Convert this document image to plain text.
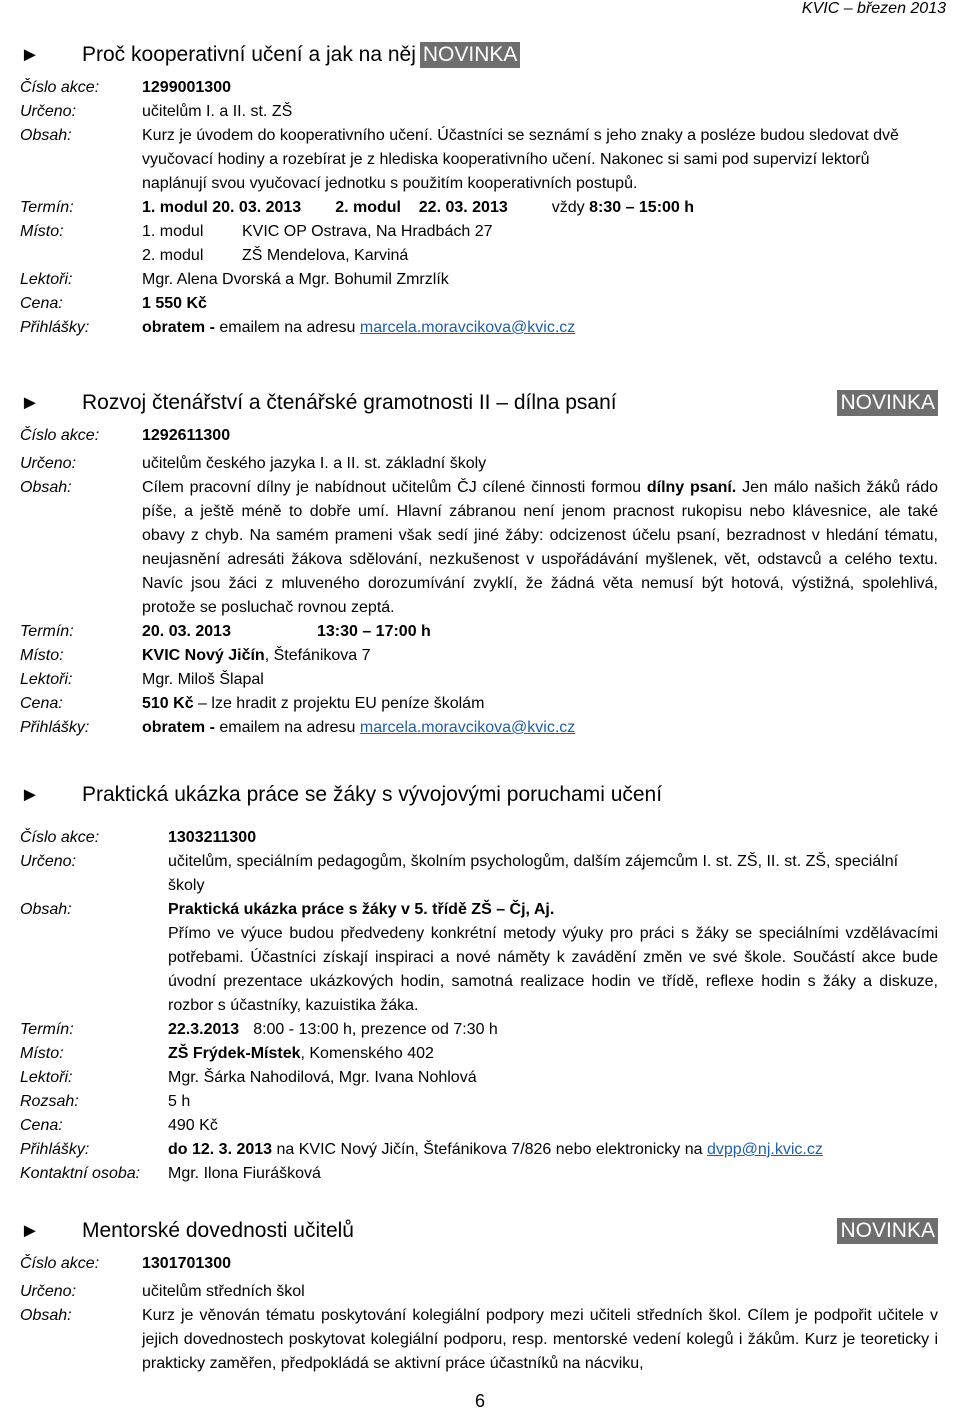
KVIC – březen 2013
►	Proč kooperativní učení a jak na něj NOVINKA
Číslo akce:	1299001300
Určeno:	učitelům I. a II. st. ZŠ
Obsah:	Kurz je úvodem do kooperativního učení. Účastníci se seznámí s jeho znaky a posléze budou sledovat dvě vyučovací hodiny a rozebírat je z hlediska kooperativního učení. Nakonec si sami pod supervizí lektorů naplánují svou vyučovací jednotku s použitím kooperativních postupů.
Termín:	1. modul 20. 03. 2013 2. modul    22. 03. 2013	vždy 8:30 – 15:00 h
Místo:	1. modul KVIC OP Ostrava, Na Hradbách 27
2. modul ZŠ Mendelova, Karviná
Lektoři:	Mgr. Alena Dvorská a Mgr. Bohumil Zmrzlík
Cena:	1 550 Kč
Přihlášky:	obratem - emailem na adresu marcela.moravcikova@kvic.cz
►	Rozvoj čtenářství a čtenářské gramotnosti II – dílna psaní	NOVINKA
Číslo akce:	1292611300
Určeno:	učitelům českého jazyka I. a II. st. základní školy
Obsah:	Cílem pracovní dílny je nabídnout učitelům ČJ cílené činnosti formou dílny psaní. Jen málo našich žáků rádo píše, a ještě méně to dobře umí. Hlavní zábranou není jenom pracnost rukopisu nebo klávesnice, ale také obavy z chyb. Na samém prameni však sedí jiné žáby: odcizenost účelu psaní, bezradnost v hledání tématu, neujasnění adresáti žákova sdělování, nezkušenost v uspořádávání myšlenek, vět, odstavců a celého textu. Navíc jsou žáci z mluveného dorozumívání zvyklí, že žádná věta nemusí být hotová, výstižná, spolehlivá, protože se posluchač rovnou zeptá.
Termín:	20. 03. 2013	13:30 – 17:00 h
Místo:	KVIC Nový Jičín, Štefánikova 7
Lektoři:	Mgr. Miloš Šlapal
Cena:	510 Kč – lze hradit z projektu EU peníze školám
Přihlášky:	obratem - emailem na adresu marcela.moravcikova@kvic.cz
►	Praktická ukázka práce se žáky s vývojovými poruchami učení
Číslo akce:	1303211300
Určeno:	učitelům, speciálním pedagogům, školním psychologům, dalším zájemcům I. st. ZŠ, II. st. ZŠ, speciální školy
Obsah:	Praktická ukázka práce s žáky v 5. třídě ZŠ – Čj, Aj.
Přímo ve výuce budou předvedeny konkrétní metody výuky pro práci s žáky se speciálními vzdělávacími potřebami. Účastníci získají inspiraci a nové náměty k zavádění změn ve své škole. Součástí akce bude úvodní prezentace ukázkových hodin, samotná realizace hodin ve třídě, reflexe hodin s žáky a diskuze, rozbor s účastníky, kazuistika žáka.
Termín:	22.3.2013 8:00 - 13:00 h, prezence od 7:30 h
Místo:	ZŠ Frýdek-Místek, Komenského 402
Lektoři:	Mgr. Šárka Nahodilová, Mgr. Ivana Nohlová
Rozsah:	5 h
Cena:	490 Kč
Přihlášky:	do 12. 3. 2013 na KVIC Nový Jičín, Štefánikova 7/826 nebo elektronicky na dvpp@nj.kvic.cz
Kontaktní osoba:	Mgr. Ilona Fiurášková
►	Mentorské dovednosti učitelů	NOVINKA
Číslo akce:	1301701300
Určeno:	učitelům středních škol
Obsah:	Kurz je věnován tématu poskytování kolegiální podpory mezi učiteli středních škol. Cílem je podpořit učitele v jejich dovednostech poskytovat kolegiální podporu, resp. mentorské vedení kolegů i žákům. Kurz je teoreticky i prakticky zaměřen, předpokládá se aktivní práce účastníků na nácviku,
6
